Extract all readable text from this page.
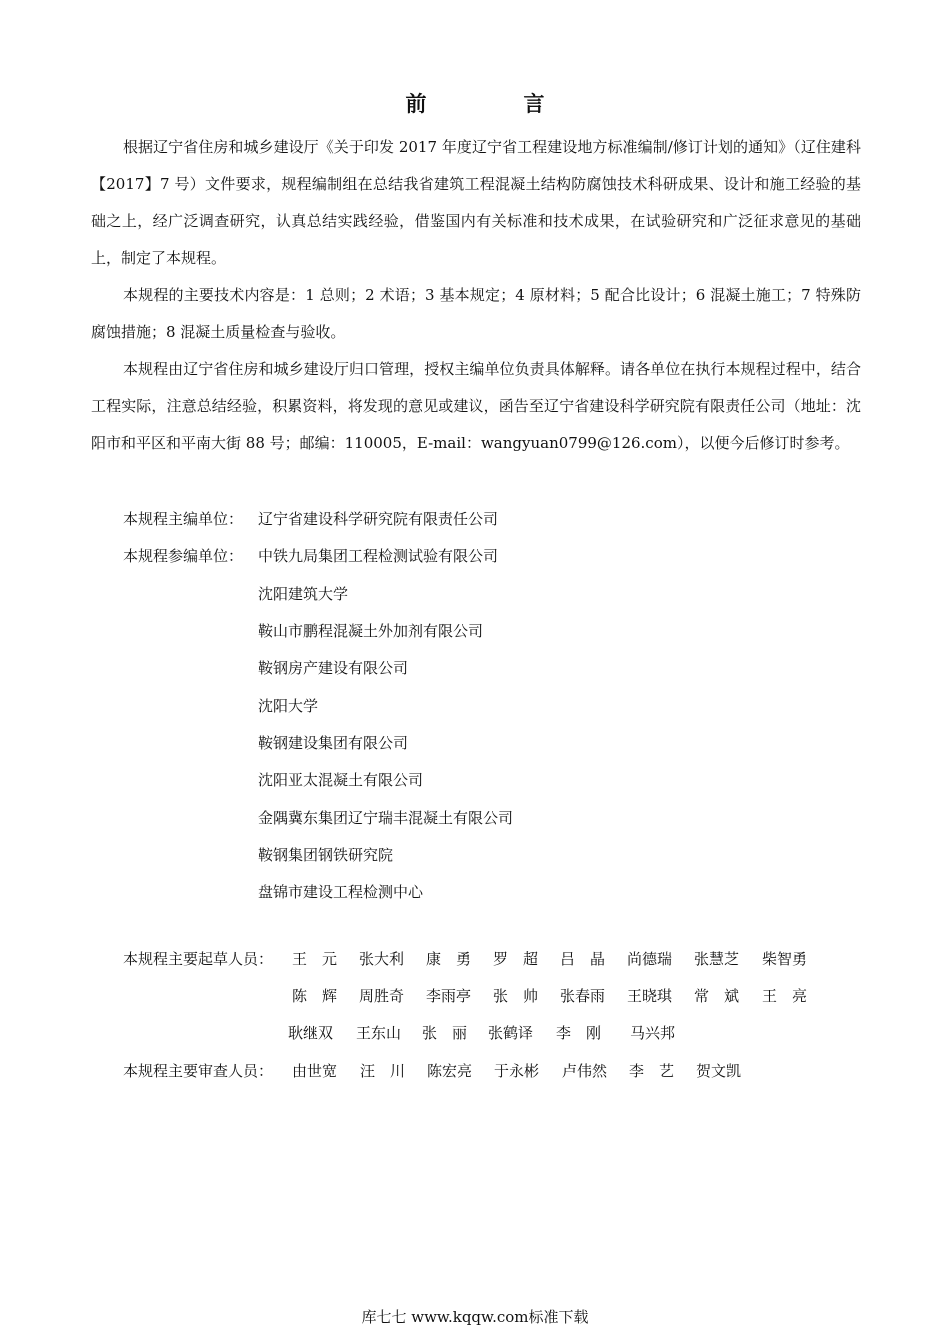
前　言

根据辽宁省住房和城乡建设厅《关于印发 2017 年度辽宁省工程建设地方标准编制/修订计划的通知》（辽住建科【2017】7 号）文件要求，规程编制组在总结我省建筑工程混凝土结构防腐蚀技术科研成果、设计和施工经验的基础之上，经广泛调查研究，认真总结实践经验，借鉴国内有关标准和技术成果，在试验研究和广泛征求意见的基础上，制定了本规程。

本规程的主要技术内容是：1 总则；2 术语；3 基本规定；4 原材料；5 配合比设计；6 混凝土施工；7 特殊防腐蚀措施；8 混凝土质量检查与验收。

本规程由辽宁省住房和城乡建设厅归口管理，授权主编单位负责具体解释。请各单位在执行本规程过程中，结合工程实际，注意总结经验，积累资料，将发现的意见或建议，函告至辽宁省建设科学研究院有限责任公司（地址：沈阳市和平区和平南大街 88 号；邮编：110005，E-mail：wangyuan0799@126.com），以便今后修订时参考。

本规程主编单位： 辽宁省建设科学研究院有限责任公司
本规程参编单位： 中铁九局集团工程检测试验有限公司
沈阳建筑大学
鞍山市鹏程混凝土外加剂有限公司
鞍钢房产建设有限公司
沈阳大学
鞍钢建设集团有限公司
沈阳亚太混凝土有限公司
金隅冀东集团辽宁瑞丰混凝土有限公司
鞍钢集团钢铁研究院
盘锦市建设工程检测中心
本规程主要起草人员： 王　元 张大利 康　勇 罗　超 吕　晶 尚德瑞 张慧芝 柴智勇
陈　辉 周胜奇 李雨亭 张　帅 张春雨 王晓琪 常　斌 王　亮
耿继双 王东山 张　丽 张鹤译 李　刚 马兴邦
本规程主要审查人员： 由世宽 汪　川 陈宏亮 于永彬 卢伟然 李　艺 贺文凯
库七七 www.kqqw.com标准下载
